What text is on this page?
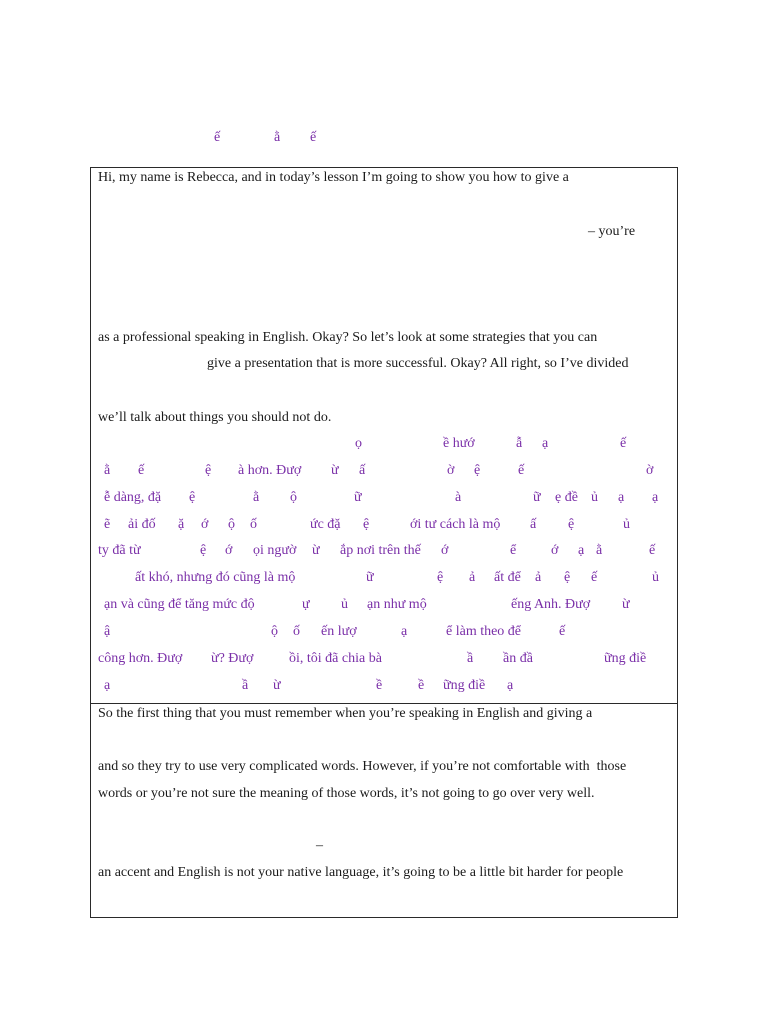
ế	ằ ế
Hi, my name is Rebecca, and in today’s lesson I’m going to show you how to give a
– you’re
as a professional speaking in English. Okay? So let’s look at some strategies that you can
give a presentation that is more successful. Okay? All right, so I’ve divided
we’ll talk about things you should not do.
ọ	ề hướ	ẫ ạ	ế
ằ ế	ệ à hơn. Đượ ừ ấ	ờ ệ	ế	ờ
ễ dàng, đặ ệ	ằ ộ	ữ	à	ữ ẹ đề ủ ạ ạ
ẽ ải đố ặ ớ ộ ố	ức đặ ệ	ới tư cách là mộ ấ ệ	ủ
ty đã từ	ệ ớ ọi ngườ ừ ắp nơi trên thế ớ	ể ớ ạ ằ	ế
ất khó, nhưng đó cũng là mộ	ữ	ệ ả ất để ả ệ ế	ủ
ạn và cũng để tăng mức độ	ự ủ ạn như mộ	ếng Anh. Đượ ừ
ậ	ộ ố ến lượ	ạ	ể làm theo để	ế
công hơn. Đượ ừ? Đượ	ồi, tôi đã chia bà	ầ ần đầ	ững điề
ạ	ầ ừ	ề	ề ững điề ạ
So the first thing that you must remember when you’re speaking in English and giving a
and so they try to use very complicated words. However, if you’re not comfortable with  those
words or you’re not sure the meaning of those words, it’s not going to go over very well.
–
an accent and English is not your native language, it’s going to be a little bit harder for people
